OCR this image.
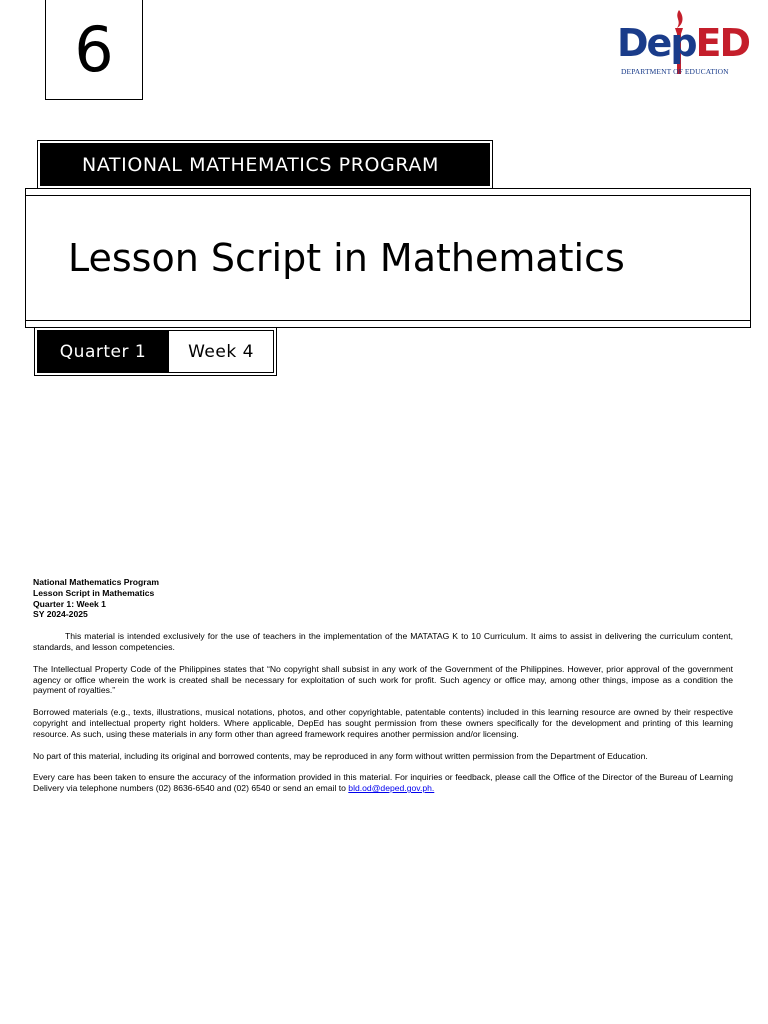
6	DepED
DEPARTMENT OF EDUCATION
NATIONAL MATHEMATICS PROGRAM
Lesson Script in Mathematics
Quarter 1	Week 4
National Mathematics Program
Lesson Script in Mathematics
Quarter 1: Week 1
SY 2024-2025

This material is intended exclusively for the use of teachers in the implementation of the MATATAG K to 10 Curriculum. It aims to assist in delivering the curriculum content, standards, and lesson competencies.

The Intellectual Property Code of the Philippines states that “No copyright shall subsist in any work of the Government of the Philippines. However, prior approval of the government agency or office wherein the work is created shall be necessary for exploitation of such work for profit. Such agency or office may, among other things, impose as a condition the payment of royalties.”

Borrowed materials (e.g., texts, illustrations, musical notations, photos, and other copyrightable, patentable contents) included in this learning resource are owned by their respective copyright and intellectual property right holders. Where applicable, DepEd has sought permission from these owners specifically for the development and printing of this learning resource. As such, using these materials in any form other than agreed framework requires another permission and/or licensing.

No part of this material, including its original and borrowed contents, may be reproduced in any form without written permission from the Department of Education.

Every care has been taken to ensure the accuracy of the information provided in this material. For inquiries or feedback, please call the Office of the Director of the Bureau of Learning Delivery via telephone numbers (02) 8636-6540 and (02) 6540 or send an email to bld.od@deped.gov.ph.
